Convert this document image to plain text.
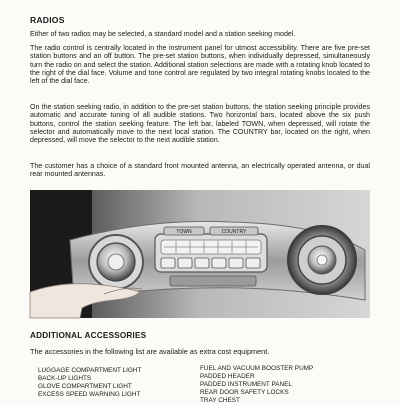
RADIOS

Either of two radios may be selected, a standard model and a station seeking model.

The radio control is centrally located in the instrument panel for utmost accessibility. There are five pre-set station buttons and an off button. The pre-set station buttons, when individually depressed, simultaneously turn the radio on and select the station. Additional station selections are made with a rotating knob located to the right of the dial face. Volume and tone control are regulated by two integral rotating knobs located to the left of the dial face.

On the station seeking radio, in addition to the pre-set station buttons, the station seeking principle provides automatic and accurate tuning of all audible stations. Two horizontal bars, located above the six push buttons, control the station seeking feature. The left bar, labeled TOWN, when depressed, will rotate the selector and automatically move to the next local station. The COUNTRY bar, located on the right, when depressed, will move the selector to the next audible station.

The customer has a choice of a standard front mounted antenna, an electrically operated antenna, or dual rear mounted antennas.

TOWN	COUNTRY
ADDITIONAL ACCESSORIES
The accessories in the following list are available as extra cost equipment.
LUGGAGE COMPARTMENT LIGHT
BACK-UP LIGHTS
GLOVE COMPARTMENT LIGHT
EXCESS SPEED WARNING LIGHT
FUEL AND VACUUM BOOSTER PUMP
PADDED HEADER
PADDED INSTRUMENT PANEL
REAR DOOR SAFETY LOCKS
TRAY CHEST
